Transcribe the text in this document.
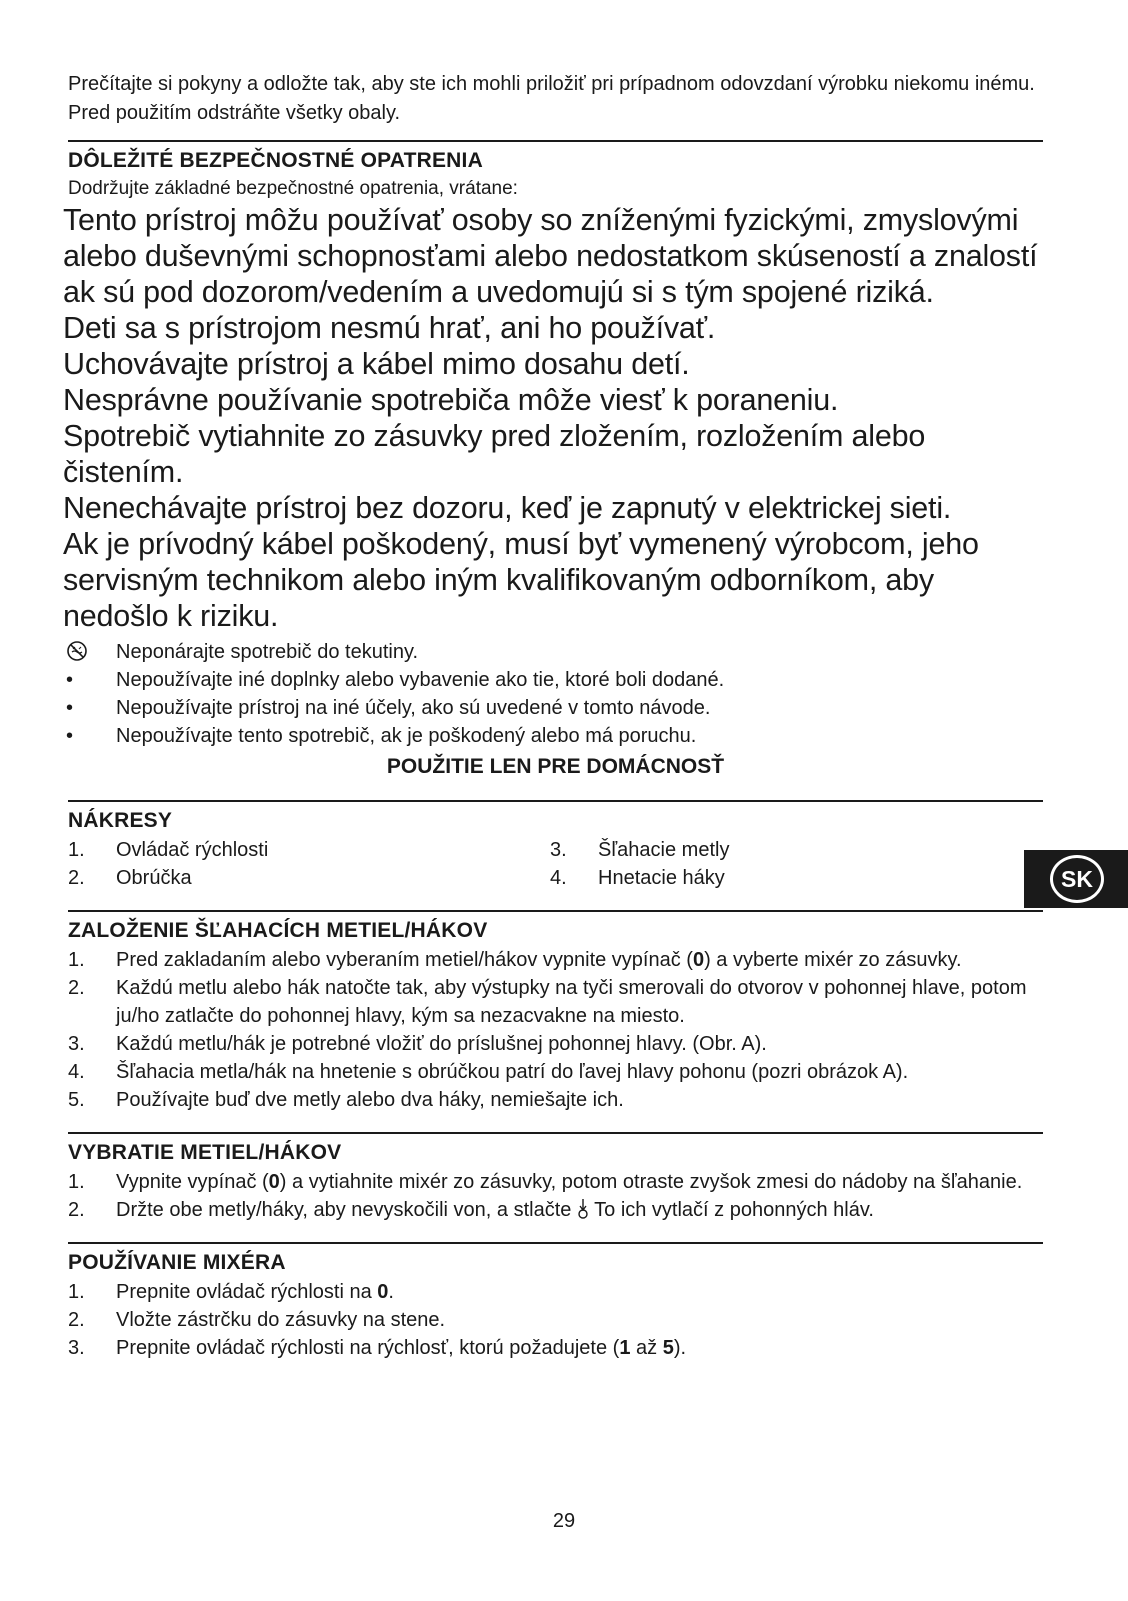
Prečítajte si pokyny a odložte tak, aby ste ich mohli priložiť pri prípadnom odovzdaní výrobku niekomu inému. Pred použitím odstráňte všetky obaly.

DÔLEŽITÉ BEZPEČNOSTNÉ OPATRENIA

Dodržujte základné bezpečnostné opatrenia, vrátane:

Tento prístroj môžu používať osoby so zníženými fyzickými, zmyslovými alebo duševnými schopnosťami alebo nedostatkom skúseností a znalostí ak sú pod dozorom/vedením a uvedomujú si s tým spojené riziká.

Deti sa s prístrojom nesmú hrať, ani ho používať.

Uchovávajte prístroj a kábel mimo dosahu detí.

Nesprávne používanie spotrebiča môže viesť k poraneniu.

Spotrebič vytiahnite zo zásuvky pred zložením, rozložením alebo čistením.

Nenechávajte prístroj bez dozoru, keď je zapnutý v elektrickej sieti.

Ak je prívodný kábel poškodený, musí byť vymenený výrobcom, jeho servisným technikom alebo iným kvalifikovaným odborníkom, aby nedošlo k riziku.

Neponárajte spotrebič do tekutiny.
•	Nepoužívajte iné doplnky alebo vybavenie ako tie, ktoré boli dodané.
•	Nepoužívajte prístroj na iné účely, ako sú uvedené v tomto návode.
•	Nepoužívajte tento spotrebič, ak je poškodený alebo má poruchu.

POUŽITIE LEN PRE DOMÁCNOSŤ

NÁKRESY
1. Ovládač rýchlosti
2. Obrúčka
3. Šľahacie metly
4. Hnetacie háky
ZALOŽENIE ŠĽAHACÍCH METIEL/HÁKOV
1.	Pred zakladaním alebo vyberaním metiel/hákov vypnite vypínač (0) a vyberte mixér zo zásuvky.
2.	Každú metlu alebo hák natočte tak, aby výstupky na tyči smerovali do otvorov v pohonnej hlave, potom ju/ho zatlačte do pohonnej hlavy, kým sa nezacvakne na miesto.
3.	Každú metlu/hák je potrebné vložiť do príslušnej pohonnej hlavy. (Obr. A).
4.	Šľahacia metla/hák na hnetenie s obrúčkou patrí do ľavej hlavy pohonu (pozri obrázok A).
5.	Používajte buď dve metly alebo dva háky, nemiešajte ich.
VYBRATIE METIEL/HÁKOV
1.	Vypnite vypínač (0) a vytiahnite mixér zo zásuvky, potom otraste zvyšok zmesi do nádoby na šľahanie.
2.	Držte obe metly/háky, aby nevyskočili von, a stlačte  To ich vytlačí z pohonných hláv.
POUŽÍVANIE MIXÉRA
1.	Prepnite ovládač rýchlosti na 0.
2.	Vložte zástrčku do zásuvky na stene.
3.	Prepnite ovládač rýchlosti na rýchlosť, ktorú požadujete (1 až 5).
SK
29
